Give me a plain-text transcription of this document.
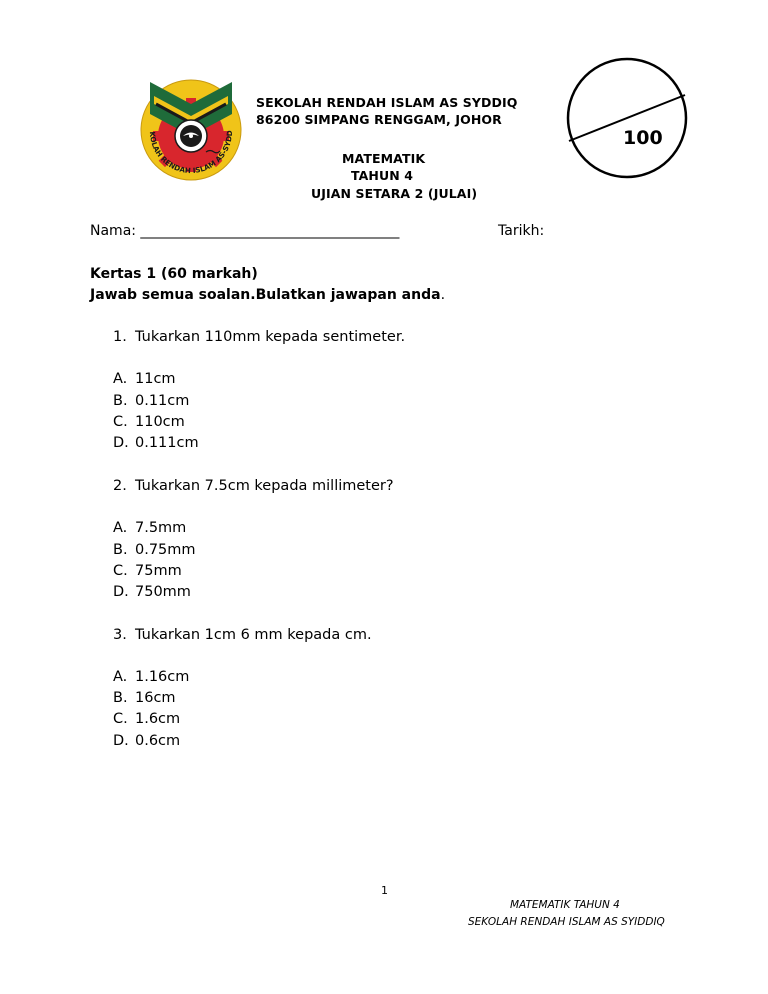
KOLAH RENDAH ISLAM AS-SYDD
SEKOLAH RENDAH ISLAM AS SYDDIQ
86200 SIMPANG RENGGAM, JOHOR
MATEMATIK
TAHUN 4
UJIAN SETARA 2 (JULAI)
100
Nama: _____________________________________	Tarikh:
Kertas 1 (60 markah)
Jawab semua soalan.Bulatkan jawapan anda.
1. Tukarkan 110mm kepada sentimeter.
A. 11cm
B. 0.11cm
C. 110cm
D. 0.111cm
2. Tukarkan 7.5cm kepada millimeter?
A. 7.5mm
B. 0.75mm
C. 75mm
D. 750mm
3. Tukarkan 1cm 6 mm kepada cm.
A. 1.16cm
B. 16cm
C. 1.6cm
D. 0.6cm
1
MATEMATIK TAHUN 4
SEKOLAH RENDAH ISLAM AS SYIDDIQ
